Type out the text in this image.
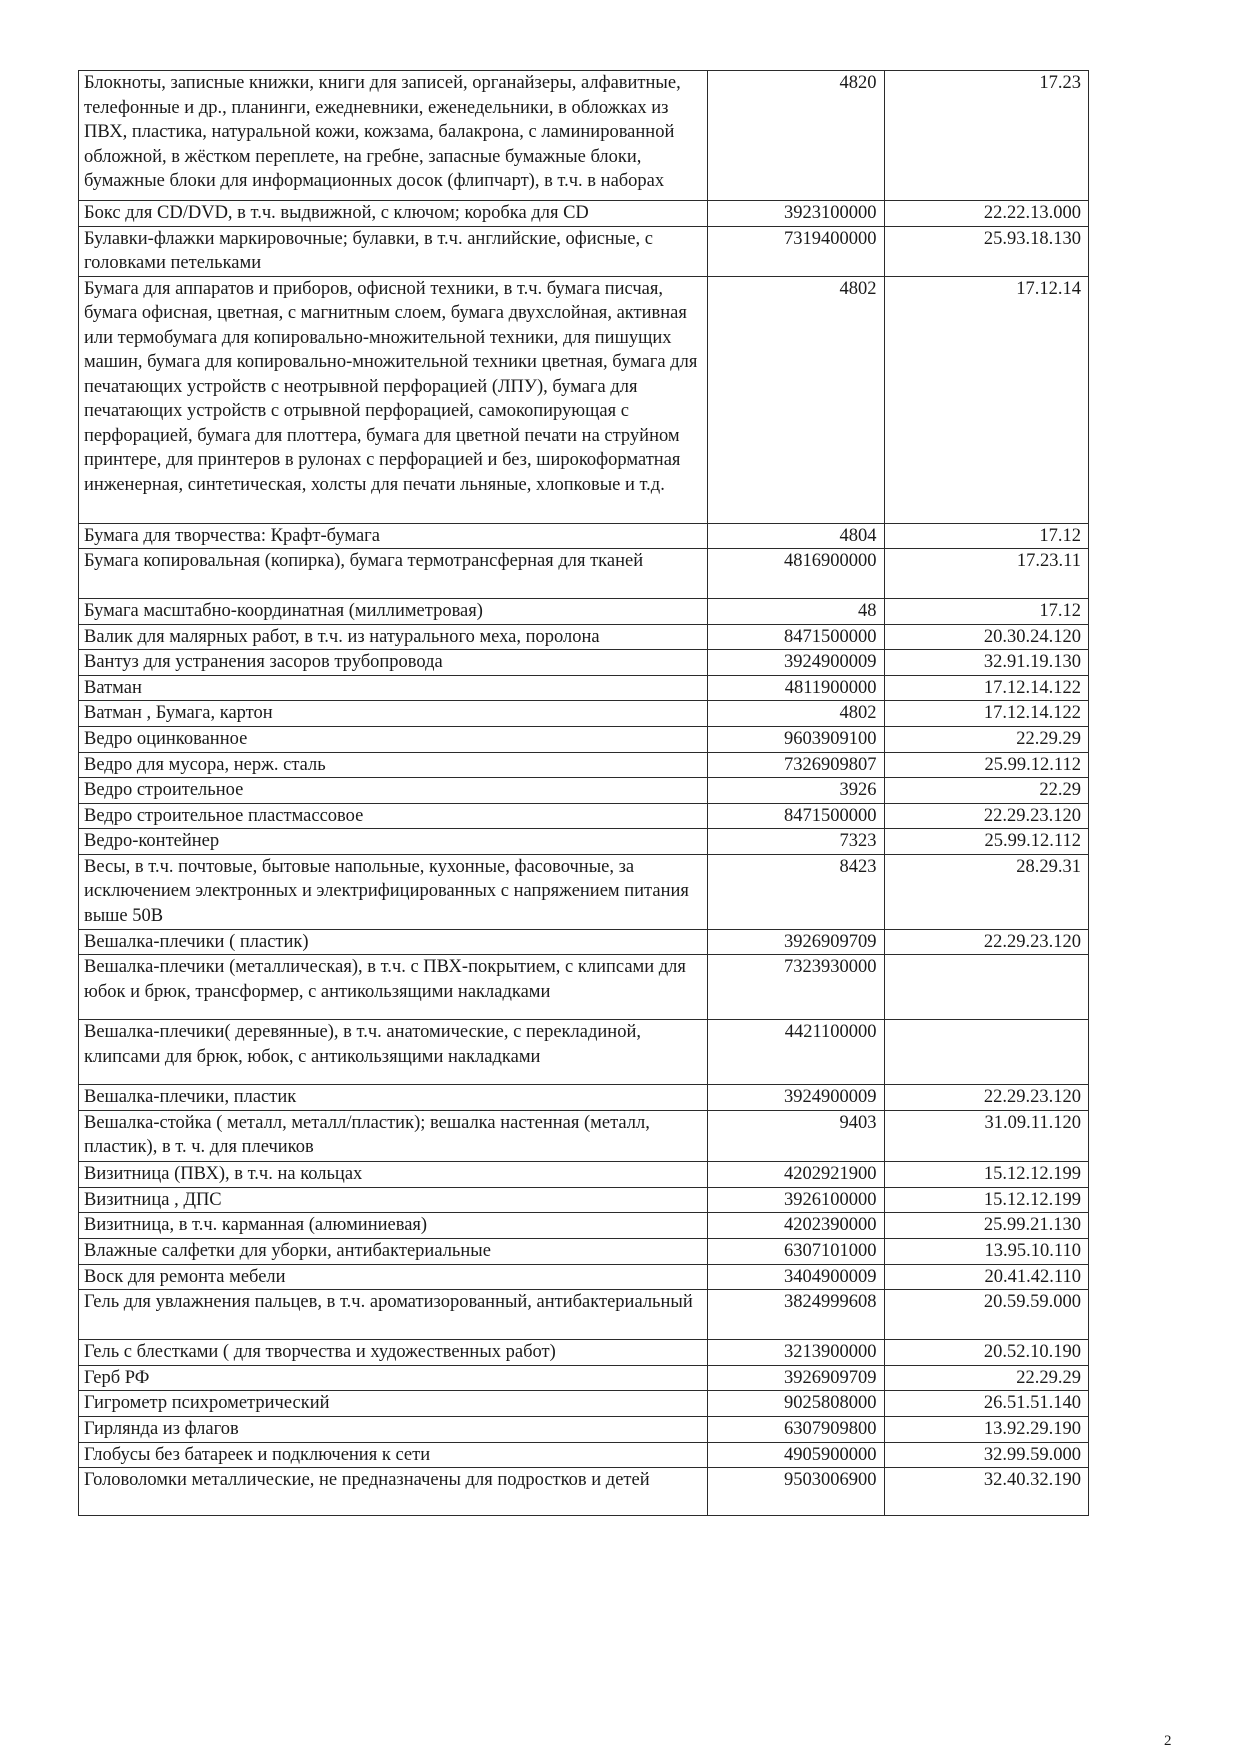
Блокноты, записные книжки, книги для записей, органайзеры, алфавитные, телефонные и др., планинги, ежедневники, еженедельники, в обложках из ПВХ, пластика, натуральной кожи, кожзама, балакрона, с ламинированной обложной, в жёстком переплете, на гребне, запасные бумажные блоки, бумажные блоки для информационных досок (флипчарт), в т.ч. в наборах	4820	17.23
Бокс для CD/DVD, в т.ч. выдвижной, с ключом; коробка для CD	3923100000	22.22.13.000
Булавки-флажки маркировочные; булавки, в т.ч. английские, офисные, с головками петельками	7319400000	25.93.18.130
Бумага для аппаратов и приборов, офисной техники, в т.ч. бумага писчая, бумага офисная, цветная, с магнитным слоем, бумага двухслойная, активная или термобумага для копировально-множительной техники, для пишущих машин, бумага для копировально-множительной техники цветная, бумага для печатающих устройств с неотрывной перфорацией (ЛПУ), бумага для печатающих устройств с отрывной перфорацией, самокопирующая с перфорацией, бумага для плоттера, бумага для цветной печати на струйном принтере, для принтеров в рулонах с перфорацией и без, широкоформатная инженерная, синтетическая, холсты для печати льняные, хлопковые и т.д.	4802	17.12.14
Бумага для творчества: Крафт-бумага	4804	17.12
Бумага копировальная (копирка), бумага термотрансферная для тканей	4816900000	17.23.11
Бумага масштабно-координатная (миллиметровая)	48	17.12
Валик для малярных работ, в т.ч. из натурального меха, поролона	8471500000	20.30.24.120
Вантуз для устранения засоров трубопровода	3924900009	32.91.19.130
Ватман	4811900000	17.12.14.122
Ватман , Бумага, картон	4802	17.12.14.122
Ведро оцинкованное	9603909100	22.29.29
Ведро для мусора, нерж. сталь	7326909807	25.99.12.112
Ведро строительное	3926	22.29
Ведро строительное пластмассовое	8471500000	22.29.23.120
Ведро-контейнер	7323	25.99.12.112
Весы, в т.ч. почтовые, бытовые напольные, кухонные, фасовочные, за исключением электронных и электрифицированных с напряжением питания выше 50В	8423	28.29.31
Вешалка-плечики ( пластик)	3926909709	22.29.23.120
Вешалка-плечики (металлическая), в т.ч. с ПВХ-покрытием, с клипсами для юбок и брюк, трансформер, с антикользящими накладками	7323930000	
Вешалка-плечики( деревянные), в т.ч. анатомические, с перекладиной, клипсами для брюк, юбок, с антикользящими накладками	4421100000	
Вешалка-плечики, пластик	3924900009	22.29.23.120
Вешалка-стойка ( металл, металл/пластик); вешалка настенная (металл, пластик), в т. ч. для плечиков	9403	31.09.11.120
Визитница (ПВХ), в т.ч. на кольцах	4202921900	15.12.12.199
Визитница , ДПС	3926100000	15.12.12.199
Визитница, в т.ч. карманная (алюминиевая)	4202390000	25.99.21.130
Влажные салфетки для уборки, антибактериальные	6307101000	13.95.10.110
Воск для ремонта мебели	3404900009	20.41.42.110
Гель для увлажнения пальцев, в т.ч. ароматизорованный, антибактериальный	3824999608	20.59.59.000
Гель с блестками ( для творчества и художественных работ)	3213900000	20.52.10.190
Герб РФ	3926909709	22.29.29
Гигрометр психрометрический	9025808000	26.51.51.140
Гирлянда из флагов	6307909800	13.92.29.190
Глобусы без батареек и подключения к сети	4905900000	32.99.59.000
Головоломки металлические, не предназначены для подростков и детей	9503006900	32.40.32.190
2
